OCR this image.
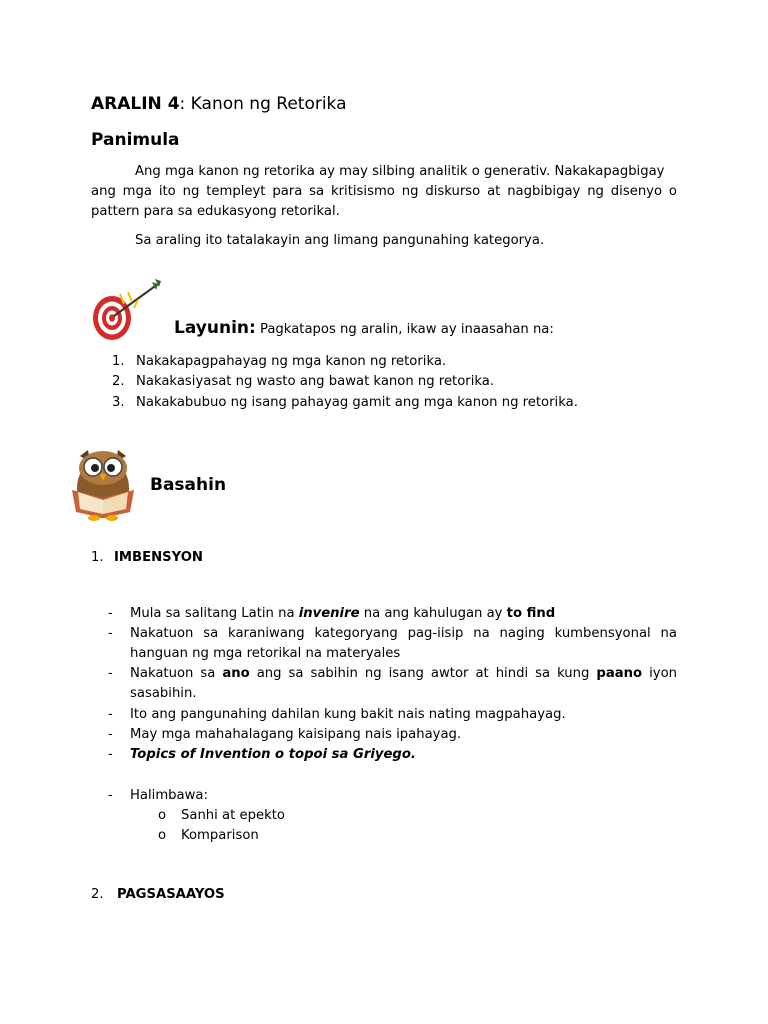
ARALIN 4: Kanon ng Retorika
Panimula
Ang mga kanon ng retorika ay may silbing analitik o generativ. Nakakapagbigay
ang mga ito ng templeyt para sa kritisismo ng diskurso at nagbibigay ng disenyo o
pattern para sa edukasyong retorikal.
Sa araling ito tatalakayin ang limang pangunahing kategorya.
Layunin: Pagkatapos ng aralin, ikaw ay inaasahan na:
1. Nakakapagpahayag ng mga kanon ng retorika.
2. Nakakasiyasat ng wasto ang bawat kanon ng retorika.
3. Nakakabubuo ng isang pahayag gamit ang mga kanon ng retorika.
Basahin
1. IMBENSYON
- Mula sa salitang Latin na invenire na ang kahulugan ay to find
- Nakatuon sa karaniwang kategoryang pag-iisip na naging kumbensyonal na
hanguan ng mga retorikal na materyales
- Nakatuon sa ano ang sa sabihin ng isang awtor at hindi sa kung paano iyon
sasabihin.
- Ito ang pangunahing dahilan kung bakit nais nating magpahayag.
- May mga mahahalagang kaisipang nais ipahayag.
- Topics of Invention o topoi sa Griyego.
- Halimbawa:
o Sanhi at epekto
o Komparison
2. PAGSASAAYOS
